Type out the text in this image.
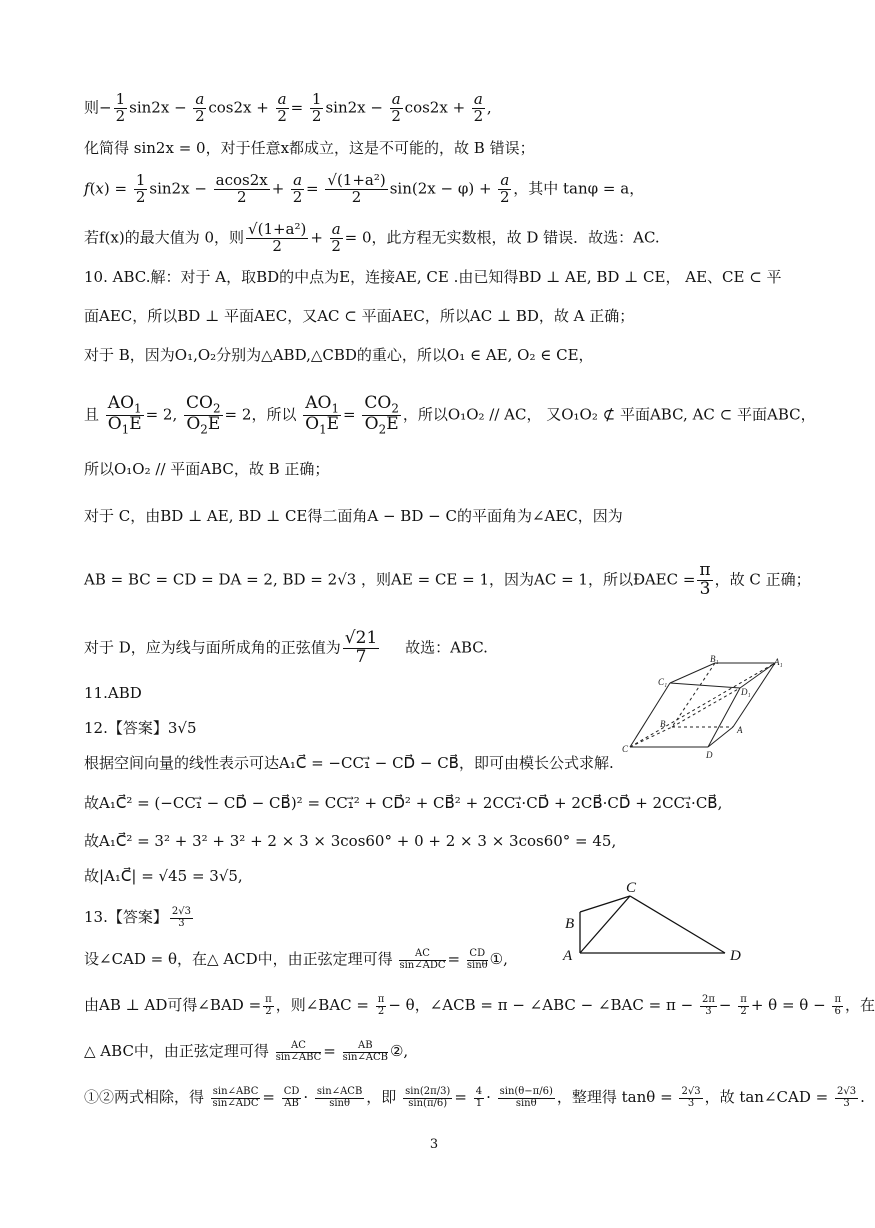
则− $\frac{1}{2} \sin 2x - \frac{a}{2} \cos 2x + \frac{a}{2} = \frac{1}{2} \sin 2x - \frac{a}{2} \cos 2x + \frac{a}{2}$ ,
化简得 sin2x = 0，对于任意x都成立，这是不可能的，故 B 错误；
$f(x) = \frac{1}{2} \sin 2x - \frac{acos2x}{2} + \frac{a}{2} = \frac{\text{√(1+a²)}}{2} \sin(2x - \varphi) + \frac{a}{2}$ ，其中 tanφ = a，
若f(x)的最大值为 0，则 $\frac{\text{√(1+a²)}}{2} + \frac{a}{2} = 0$，此方程无实数根，故 D 错误．故选：AC.
10. ABC.解：对于 A，取BD的中点为E，连接AE, CE .由已知得BD ⊥ AE, BD ⊥ CE， AE、CE ⊂ 平
面AEC，所以BD ⊥ 平面AEC，又AC ⊂ 平面AEC，所以AC ⊥ BD，故 A 正确；
对于 B，因为O₁,O₂分别为△ABD,△CBD的重心，所以O₁ ∈ AE, O₂ ∈ CE，
且 $\frac{AO_1}{O_1E} = 2$, $\frac{CO_2}{O_2E} = 2$，所以 $\frac{AO_1}{O_1E} = \frac{CO_2}{O_2E}$ ，所以O₁O₂ // AC， 又O₁O₂ ⊄ 平面ABC, AC ⊂ 平面ABC，
所以O₁O₂ // 平面ABC，故 B 正确；
对于 C，由BD ⊥ AE, BD ⊥ CE得二面角A − BD − C的平面角为∠AEC，因为
AB = BC = CD = DA = 2, BD = 2√3 ，则AE = CE = 1，因为AC = 1，所以ÐAEC = $\frac{\pi}{3}$ ，故 C 正确；
对于 D，应为线与面所成角的正弦值为 $\frac{√21}{7}$ 故选：ABC.
11.ABD
B₁	A₁
C₁
D₁
B
A
C
D
12.【答案】3√5
根据空间向量的线性表示可达A₁C⃗ = −CC₁⃗ − CD⃗ − CB⃗，即可由模长公式求解.
故A₁C⃗² = (−CC₁⃗ − CD⃗ − CB⃗)² = CC₁⃗² + CD⃗² + CB⃗² + 2CC₁⃗·CD⃗ + 2CB⃗·CD⃗ + 2CC₁⃗·CB⃗,
故A₁C⃗² = 3² + 3² + 3² + 2 × 3 × 3cos60° + 0 + 2 × 3 × 3cos60° = 45,
故|A₁C⃗| = √45 = 3√5,
C
B
A	D
13.【答案】 $\frac{2√3}{3}$
设∠CAD = θ，在△ ACD中，由正弦定理可得 $\frac{AC}{\text{sin∠ADC}} = \frac{CD}{\sin\theta}$ ①,
由AB ⊥ AD可得∠BAD = $\frac{\pi}{2}$ ，则∠BAC = $\frac{\pi}{2} - \theta$，∠ACB = π − ∠ABC − ∠BAC = $\pi - \frac{2\pi}{3} - \frac{\pi}{2} + \theta = \theta - \frac{\pi}{6}$ ，在
△ ABC中，由正弦定理可得 $\frac{AC}{\text{sin∠ABC}} = \frac{AB}{\text{sin∠ACB}}$ ②,
①②两式相除，得 $\frac{\text{sin∠ABC}}{\text{sin∠ADC}} = \frac{CD}{AB} \cdot \frac{\text{sin∠ACB}}{\sin\theta}$ ，即 $\frac{\sin(2\pi/3)}{\sin(\pi/6)} = \frac{4}{1} \cdot \frac{\sin(\theta-\pi/6)}{\sin\theta}$ ，整理得 $\tan\theta = \frac{2√3}{3}$ ，故 tan∠CAD = $\frac{2√3}{3}$ .
3
